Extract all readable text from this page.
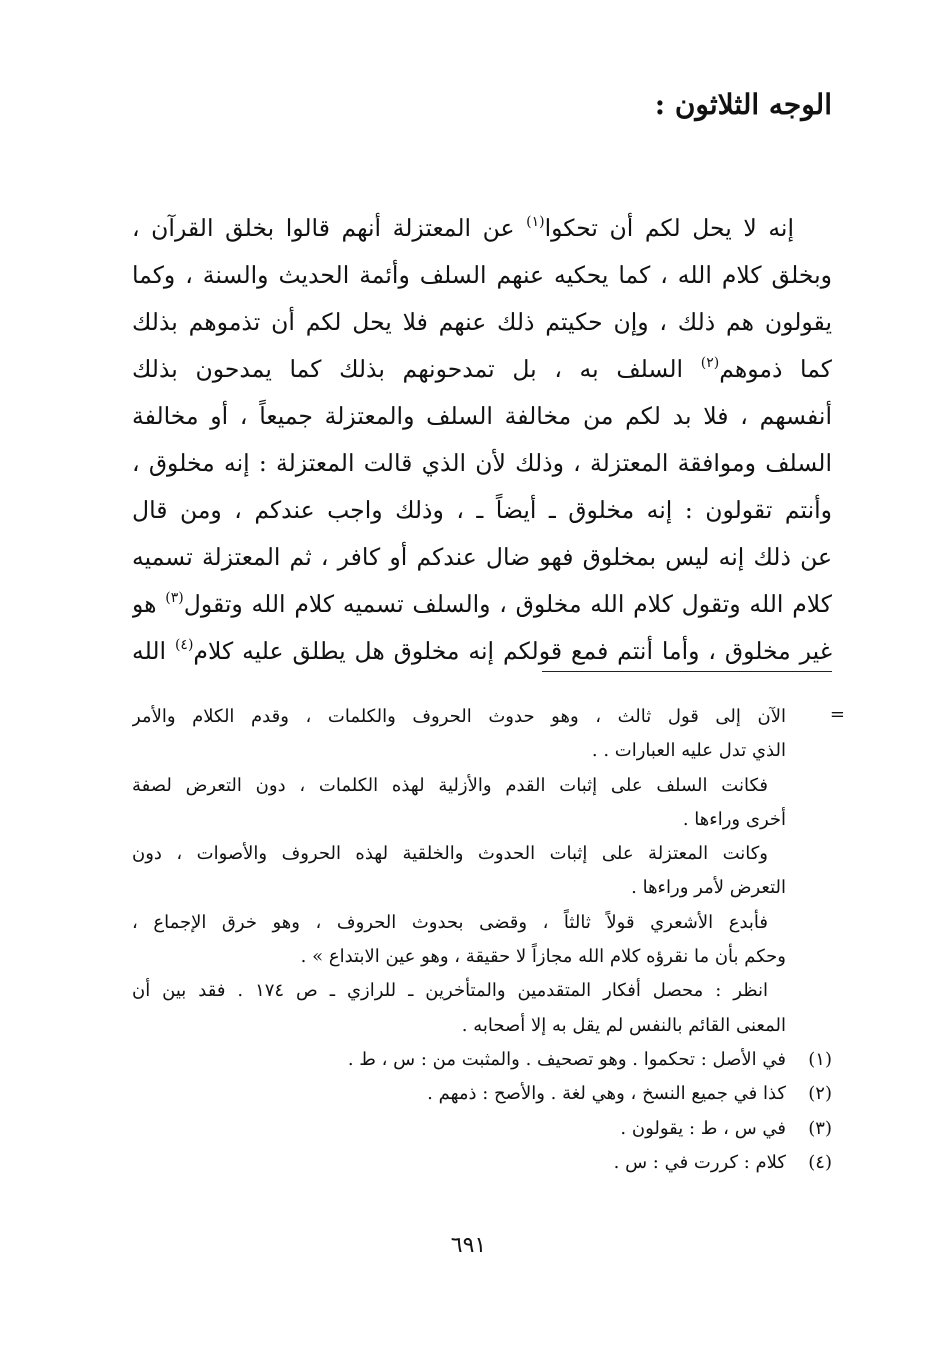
الوجه الثلاثون :
إنه لا يحل لكم أن تحكوا$^{(١)}$ عن المعتزلة أنهم قالوا بخلق القرآن ،
وبخلق كلام الله ، كما يحكيه عنهم السلف وأئمة الحديث والسنة ، وكما
يقولون هم ذلك ، وإن حكيتم ذلك عنهم فلا يحل لكم أن تذموهم بذلك
كما ذموهم$^{(٢)}$ السلف به ، بل تمدحونهم بذلك كما يمدحون بذلك
أنفسهم ، فلا بد لكم من مخالفة السلف والمعتزلة جميعاً ، أو مخالفة
السلف وموافقة المعتزلة ، وذلك لأن الذي قالت المعتزلة : إنه مخلوق ،
وأنتم تقولون : إنه مخلوق ـ أيضاً ـ ، وذلك واجب عندكم ، ومن قال
عن ذلك إنه ليس بمخلوق فهو ضال عندكم أو كافر ، ثم المعتزلة تسميه
كلام الله وتقول كلام الله مخلوق ، والسلف تسميه كلام الله وتقول$^{(٣)}$ هو
غير مخلوق ، وأما أنتم فمع قولكم إنه مخلوق هل يطلق عليه كلام$^{(٤)}$ الله
=
الآن إلى قول ثالث ، وهو حدوث الحروف والكلمات ، وقدم الكلام والأمر
الذي تدل عليه العبارات . .
فكانت السلف على إثبات القدم والأزلية لهذه الكلمات ، دون التعرض لصفة
أخرى وراءها .
وكانت المعتزلة على إثبات الحدوث والخلقية لهذه الحروف والأصوات ، دون
التعرض لأمر وراءها .
فأبدع الأشعري قولاً ثالثاً ، وقضى بحدوث الحروف ، وهو خرق الإجماع ،
وحكم بأن ما نقرؤه كلام الله مجازاً لا حقيقة ، وهو عين الابتداع » .
انظر : محصل أفكار المتقدمين والمتأخرين ـ للرازي ـ ص ١٧٤ . فقد بين أن
المعنى القائم بالنفس لم يقل به إلا أصحابه .
(١)
في الأصل : تحكموا . وهو تصحيف . والمثبت من : س ، ط .
(٢)
كذا في جميع النسخ ، وهي لغة . والأصح : ذمهم .
(٣)
في س ، ط : يقولون .
(٤)
كلام : كررت في : س .
٦٩١
